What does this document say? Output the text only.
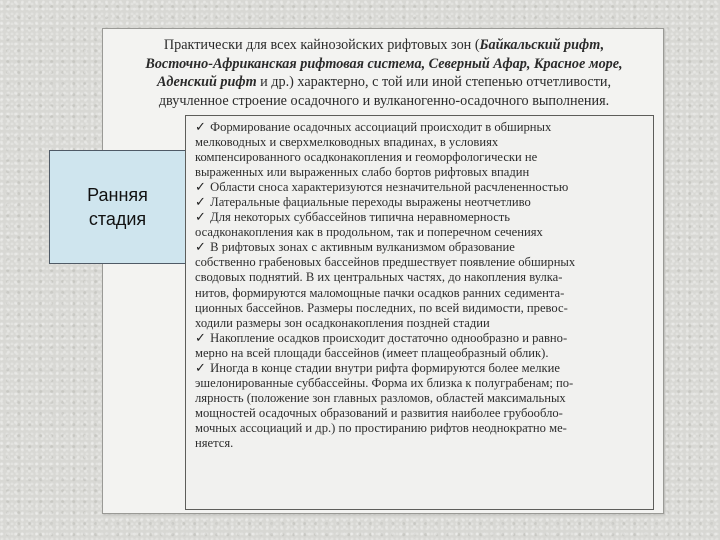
Практически для всех кайнозойских рифтовых зон (Байкальский рифт,
Восточно-Африканская рифтовая система, Северный Афар, Красное море,
Аденский рифт и др.) характерно, с той или иной степенью отчетливости,
двучленное строение осадочного и вулканогенно-осадочного выполнения.
Ранняя
стадия
✓ Формирование осадочных ассоциаций происходит в обширных
мелководных и сверхмелководных впадинах, в условиях
компенсированного осадконакопления и геоморфологически не
выраженных или выраженных слабо бортов рифтовых впадин
✓ Области сноса характеризуются незначительной расчлененностью
✓ Латеральные фациальные переходы выражены неотчетливо
✓ Для некоторых суббассейнов типична неравномерность
осадконакопления как в продольном, так и поперечном сечениях
✓ В рифтовых зонах с активным вулканизмом образование
собственно грабеновых бассейнов предшествует появление обширных
сводовых поднятий. В их центральных частях, до накопления вулка-
нитов, формируются маломощные пачки осадков ранних седимента-
ционных бассейнов. Размеры последних, по всей видимости, превос-
ходили размеры зон осадконакопления поздней стадии
✓ Накопление осадков происходит достаточно однообразно и равно-
мерно на всей площади бассейнов (имеет плащеобразный облик).
✓ Иногда в конце стадии внутри рифта формируются более мелкие
эшелонированные суббассейны. Форма их близка к полуграбенам; по-
лярность (положение зон главных разломов, областей максимальных
мощностей осадочных образований и развития наиболее грубообло-
мочных ассоциаций и др.) по простиранию рифтов неоднократно ме-
няется.
